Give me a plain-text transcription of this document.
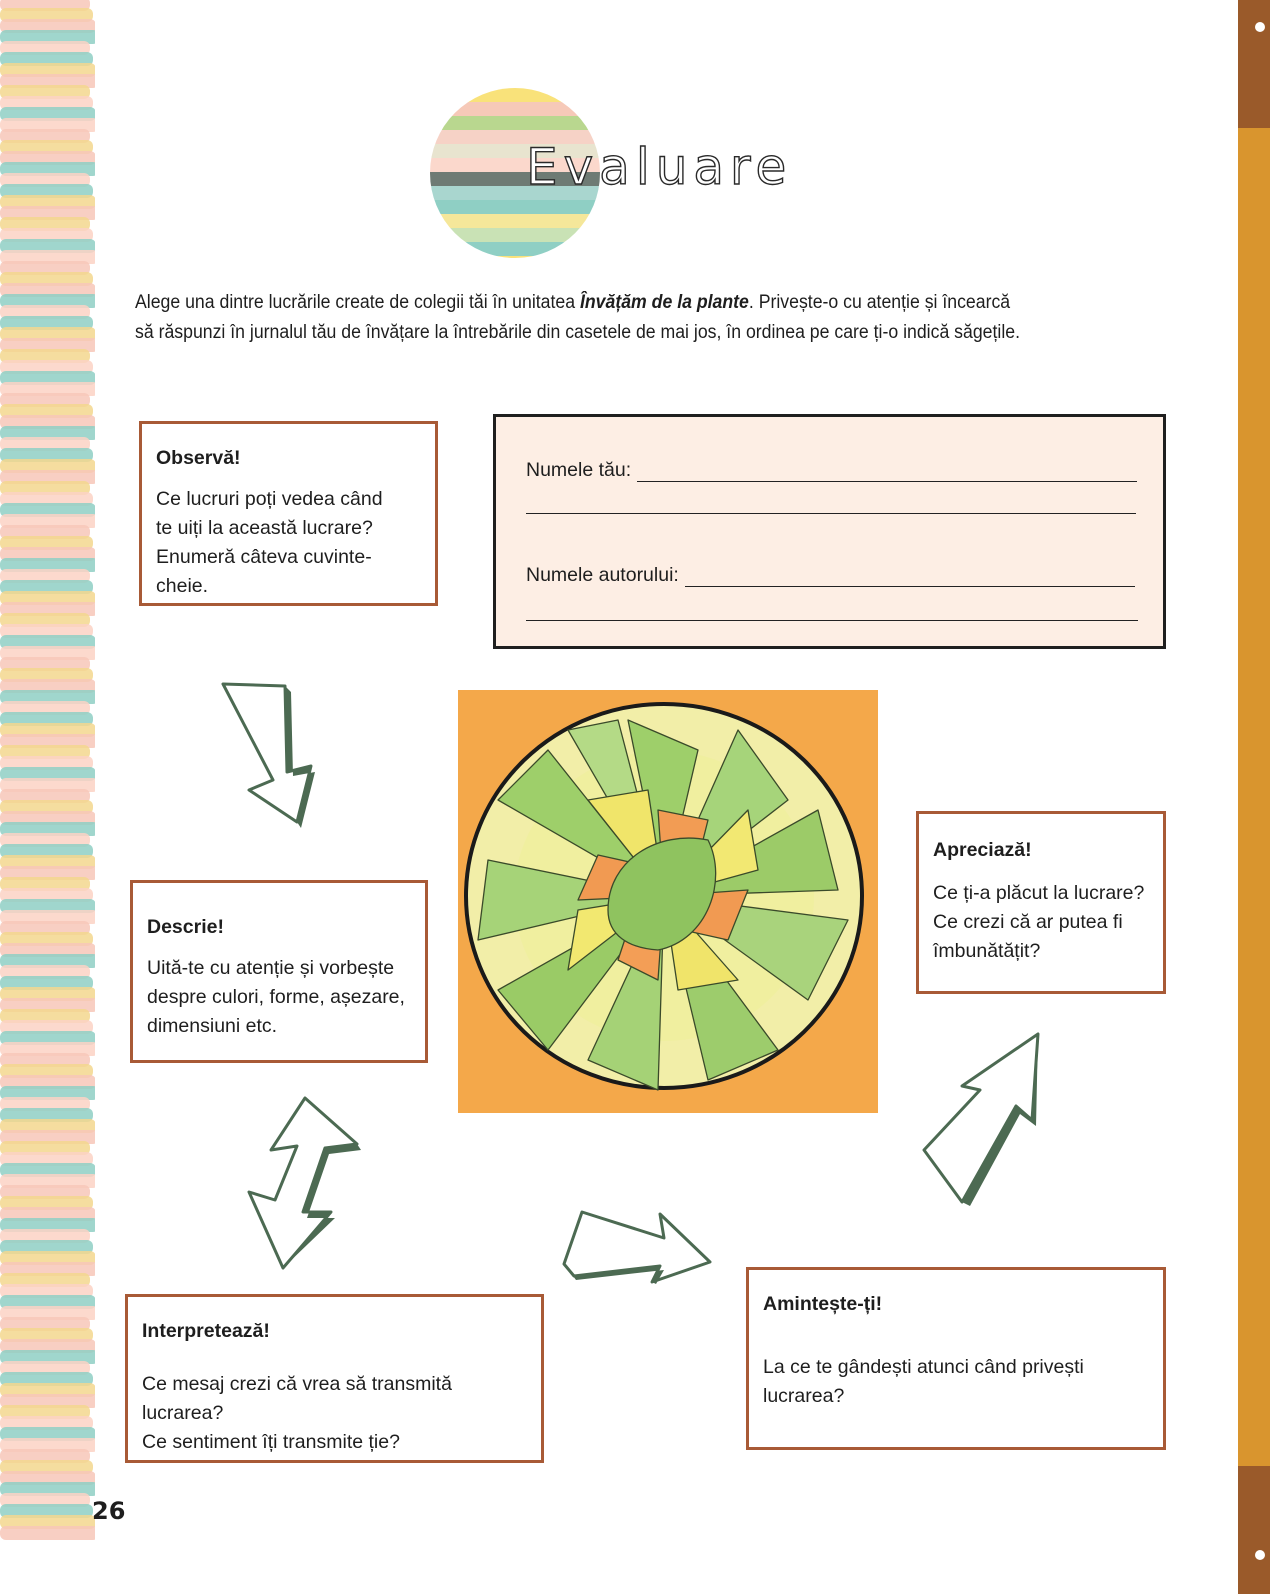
Evaluare
Alege una dintre lucrările create de colegii tăi în unitatea Învățăm de la plante. Privește-o cu atenție și încearcă
să răspunzi în jurnalul tău de învățare la întrebările din casetele de mai jos, în ordinea pe care ți-o indică săgețile.
Observă!
Ce lucruri poți vedea când
te uiți la această lucrare?
Enumeră câteva cuvinte-cheie.
Numele tău:
Numele autorului:
Descrie!
Uită-te cu atenție și vorbește
despre culori, forme, așezare,
dimensiuni etc.
Interpretează!
Ce mesaj crezi că vrea să transmită lucrarea?
Ce sentiment îți transmite ție?
Amintește-ți!
La ce te gândești atunci când privești
lucrarea?
Apreciază!
Ce ți-a plăcut la lucrare?
Ce crezi că ar putea fi
îmbunătățit?
26
